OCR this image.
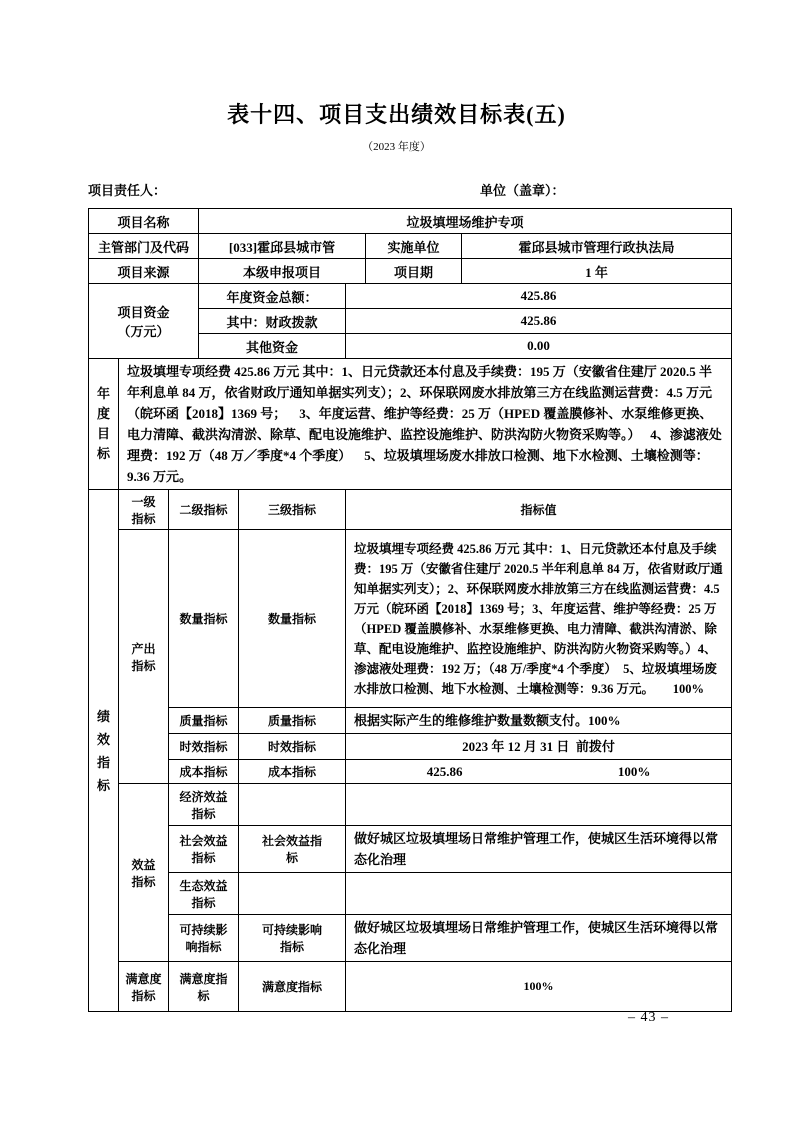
表十四、项目支出绩效目标表(五)
（2023 年度）
项目责任人：	单位（盖章）：
项目名称			垃圾填埋场维护专项				
主管部门及代码			[033]霍邱县城市管			实施单位	霍邱县城市管理行政执法局
项目来源			本级申报项目			项目期	1 年
项目资金（万元）			年度资金总额：		425.86		
			其中：财政拨款		425.86		
			其他资金		0.00		
年度目标	垃圾填埋专项经费 425.86 万元 其中：1、日元贷款还本付息及手续费：195 万（安徽省住建厅 2020.5 半年利息单 84 万，依省财政厅通知单据实列支）；2、环保联网废水排放第三方在线监测运营费：4.5 万元（皖环函【2018】1369 号；    3、年度运营、维护等经费：25 万（HPED 覆盖膜修补、水泵维修更换、电力清障、截洪沟清淤、除草、配电设施维护、监控设施维护、防洪沟防火物资采购等。）   4、渗滤液处理费：192 万（48 万／季度*4 个季度）    5、垃圾填埋场废水排放口检测、地下水检测、土壤检测等：9.36 万元。						
绩效指标	一级指标	二级指标		三级指标	指标值		
	产出指标	数量指标		数量指标	垃圾填埋专项经费 425.86 万元 其中：1、日元贷款还本付息及手续费：195 万（安徽省住建厅 2020.5 半年利息单 84 万，依省财政厅通知单据实列支）；2、环保联网废水排放第三方在线监测运营费：4.5 万元（皖环函【2018】1369 号；3、年度运营、维护等经费：25 万（HPED 覆盖膜修补、水泵维修更换、电力清障、截洪沟清淤、除草、配电设施维护、监控设施维护、防洪沟防火物资采购等。）4、渗滤液处理费：192 万；（48 万/季度*4 个季度）  5、垃圾填埋场废水排放口检测、地下水检测、土壤检测等：9.36 万元。      100%		
		质量指标		质量指标	根据实际产生的维修维护数量数额支付。100%		
		时效指标		时效指标	2023 年 12 月 31 日  前拨付		
		成本指标		成本指标	425.86 100%		

	效益指标	经济效益指标					
		社会效益指标		社会效益指标	做好城区垃圾填埋场日常维护管理工作，使城区生活环境得以常态化治理		
		生态效益指标					
		可持续影响指标		可持续影响指标	做好城区垃圾填埋场日常维护管理工作，使城区生活环境得以常态化治理		
	满意度指标	满意度指标		满意度指标	100%		
– 43 –
